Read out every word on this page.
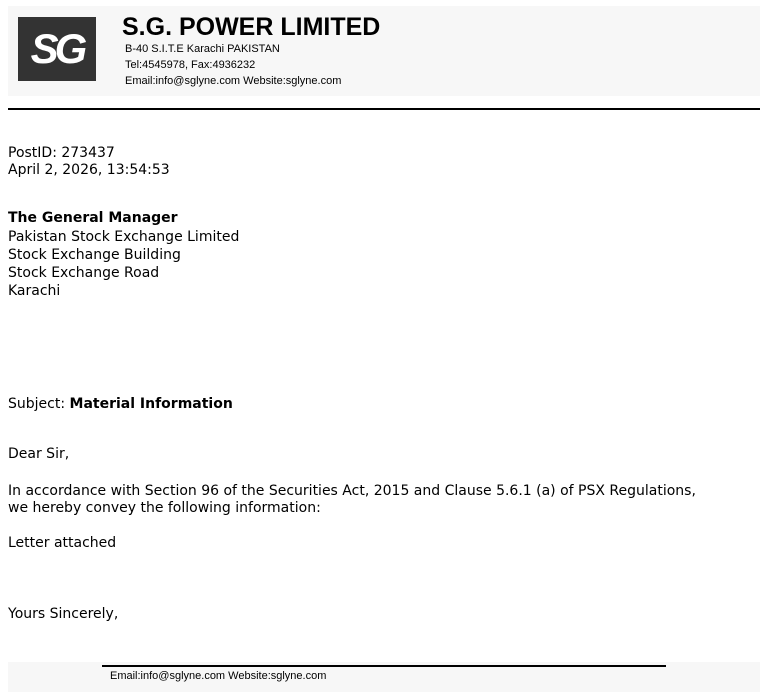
SG	S.G. POWER LIMITED
B-40 S.I.T.E Karachi PAKISTAN
Tel:4545978, Fax:4936232
Email:info@sglyne.com Website:sglyne.com
PostID: 273437
April 2, 2026, 13:54:53
The General Manager
Pakistan Stock Exchange Limited
Stock Exchange Building
Stock Exchange Road
Karachi
Subject: Material Information
Dear Sir,
In accordance with Section 96 of the Securities Act, 2015 and Clause 5.6.1 (a) of PSX Regulations,
we hereby convey the following information:
Letter attached
Yours Sincerely,
Email:info@sglyne.com Website:sglyne.com
